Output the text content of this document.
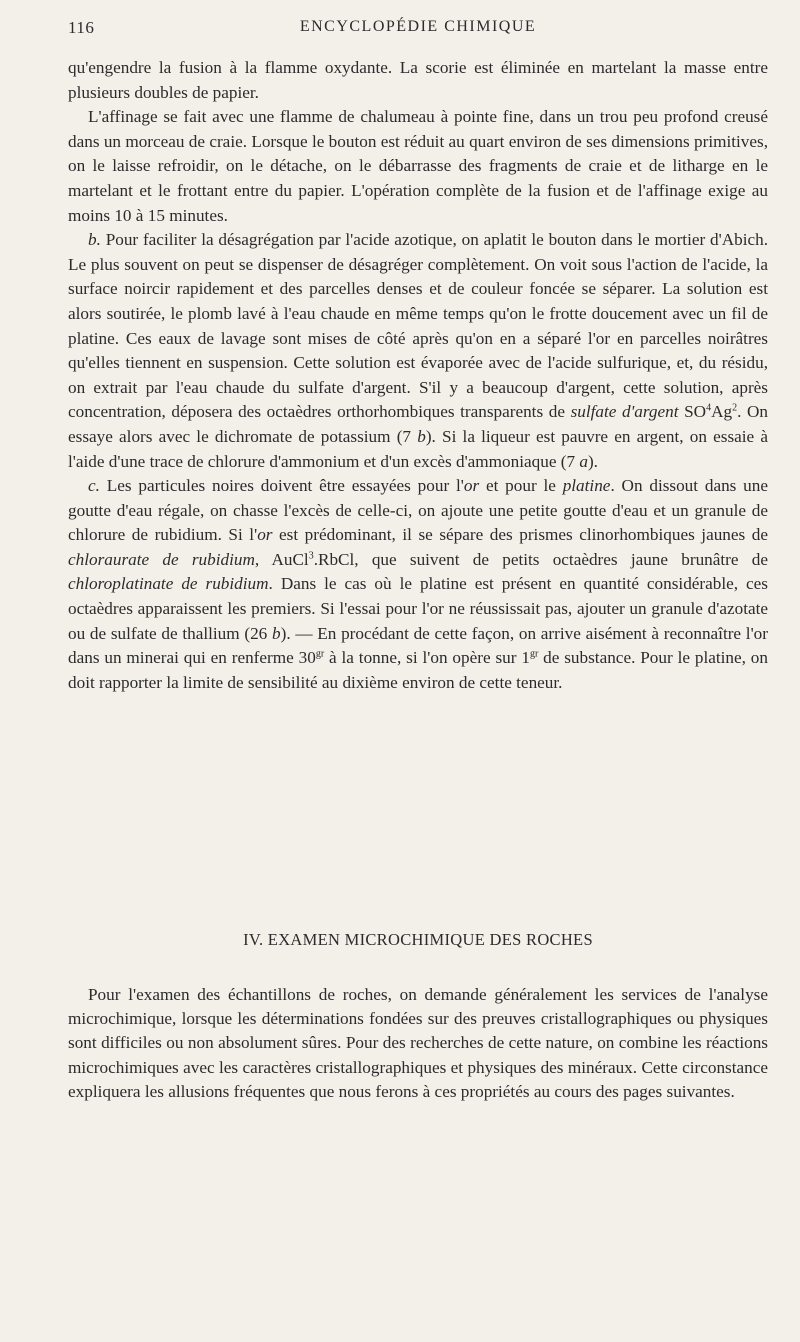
116	ENCYCLOPÉDIE CHIMIQUE

qu'engendre la fusion à la flamme oxydante. La scorie est éliminée en martelant la masse entre plusieurs doubles de papier.

L'affinage se fait avec une flamme de chalumeau à pointe fine, dans un trou peu profond creusé dans un morceau de craie. Lorsque le bouton est réduit au quart environ de ses dimensions primitives, on le laisse refroidir, on le détache, on le débarrasse des fragments de craie et de litharge en le martelant et le frottant entre du papier. L'opération complète de la fusion et de l'affinage exige au moins 10 à 15 minutes.

b. Pour faciliter la désagrégation par l'acide azotique, on aplatit le bouton dans le mortier d'Abich. Le plus souvent on peut se dispenser de désagréger complètement. On voit sous l'action de l'acide, la surface noircir rapidement et des parcelles denses et de couleur foncée se séparer. La solution est alors soutirée, le plomb lavé à l'eau chaude en même temps qu'on le frotte doucement avec un fil de platine. Ces eaux de lavage sont mises de côté après qu'on en a séparé l'or en parcelles noirâtres qu'elles tiennent en suspension. Cette solution est évaporée avec de l'acide sulfurique, et, du résidu, on extrait par l'eau chaude du sulfate d'argent. S'il y a beaucoup d'argent, cette solution, après concentration, déposera des octaèdres orthorhombiques transparents de sulfate d'argent $SO^4Ag^2$. On essaye alors avec le dichromate de potassium (7 b). Si la liqueur est pauvre en argent, on essaie à l'aide d'une trace de chlorure d'ammonium et d'un excès d'ammoniaque (7 a).

c. Les particules noires doivent être essayées pour l'or et pour le platine. On dissout dans une goutte d'eau régale, on chasse l'excès de celle-ci, on ajoute une petite goutte d'eau et un granule de chlorure de rubidium. Si l'or est prédominant, il se sépare des prismes clinorhombiques jaunes de chloraurate de rubidium, AuCl$^3$.RbCl, que suivent de petits octaèdres jaune brunâtre de chloroplatinate de rubidium. Dans le cas où le platine est présent en quantité considérable, ces octaèdres apparaissent les premiers. Si l'essai pour l'or ne réussissait pas, ajouter un granule d'azotate ou de sulfate de thallium (26 b). — En procédant de cette façon, on arrive aisément à reconnaître l'or dans un minerai qui en renferme $30^{gr}$ à la tonne, si l'on opère sur $1^{gr}$ de substance. Pour le platine, on doit rapporter la limite de sensibilité au dixième environ de cette teneur.

IV. EXAMEN MICROCHIMIQUE DES ROCHES

Pour l'examen des échantillons de roches, on demande généralement les services de l'analyse microchimique, lorsque les déterminations fondées sur des preuves cristallographiques ou physiques sont difficiles ou non absolument sûres. Pour des recherches de cette nature, on combine les réactions microchimiques avec les caractères cristallographiques et physiques des minéraux. Cette circonstance expliquera les allusions fréquentes que nous ferons à ces propriétés au cours des pages suivantes.
